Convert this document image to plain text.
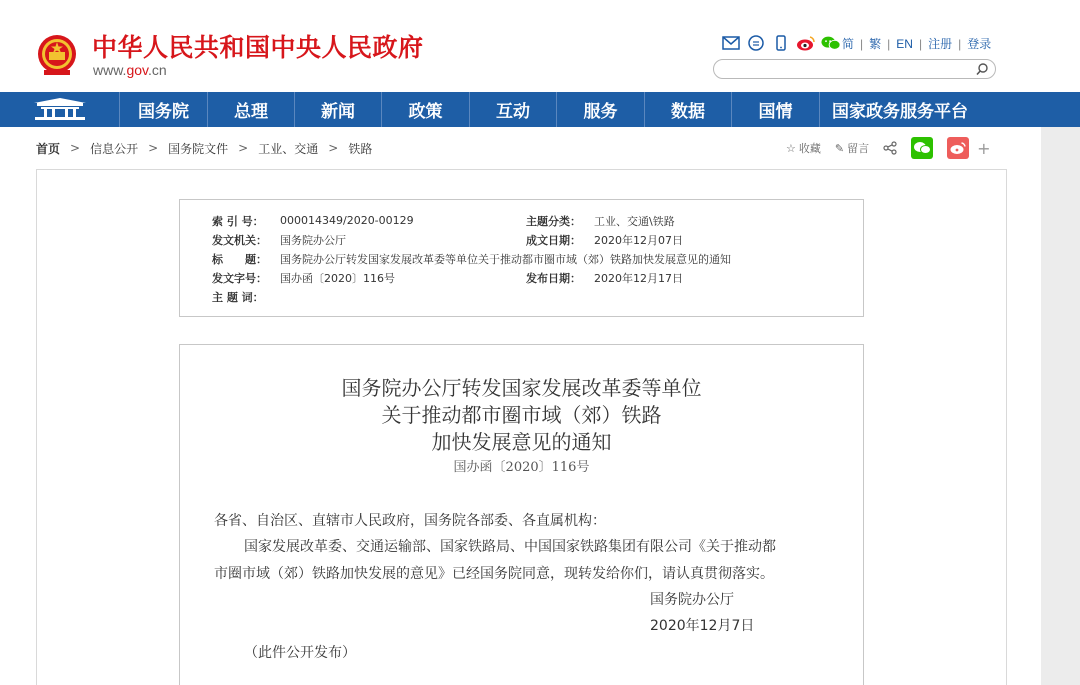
中华人民共和国中央人民政府
www.gov.cn
简 | 繁 | EN | 注册 | 登录
国务院	总理	新闻	政策	互动	服务	数据	国情	国家政务服务平台
首页 > 信息公开 > 国务院文件 > 工业、交通 > 铁路	☆ 收藏 ✎ 留言	+
索 引 号：	000014349/2020-00129	主题分类：	工业、交通\铁路
发文机关：	国务院办公厅	成文日期：	2020年12月07日
标　　题：	国务院办公厅转发国家发展改革委等单位关于推动都市圈市域（郊）铁路加快发展意见的通知
发文字号：	国办函〔2020〕116号	发布日期：	2020年12月17日
主 题 词：
国务院办公厅转发国家发展改革委等单位
关于推动都市圈市域（郊）铁路
加快发展意见的通知
国办函〔2020〕116号
各省、自治区、直辖市人民政府，国务院各部委、各直属机构：
国家发展改革委、交通运输部、国家铁路局、中国国家铁路集团有限公司《关于推动都
市圈市域（郊）铁路加快发展的意见》已经国务院同意，现转发给你们，请认真贯彻落实。
国务院办公厅
2020年12月7日
（此件公开发布）
